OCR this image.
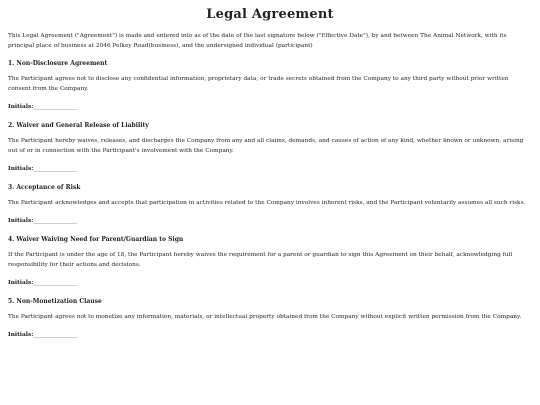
Legal Agreement

This Legal Agreement ("Agreement") is made and entered into as of the date of the last signature below ("Effective Date"), by and between The Animal Network, with its principal place of business at 2046 Pelkey Road(business), and the undersigned individual (participant)

1. Non-Disclosure Agreement

The Participant agrees not to disclose any confidential information, proprietary data, or trade secrets obtained from the Company to any third party without prior written consent from the Company.

Initials:_______________

2. Waiver and General Release of Liability

The Participant hereby waives, releases, and discharges the Company from any and all claims, demands, and causes of action of any kind, whether known or unknown, arising out of or in connection with the Participant's involvement with the Company.

Initials:_______________

3. Acceptance of Risk

The Participant acknowledges and accepts that participation in activities related to the Company involves inherent risks, and the Participant voluntarily assumes all such risks.

Initials:_______________

4. Waiver Waiving Need for Parent/Guardian to Sign

If the Participant is under the age of 18, the Participant hereby waives the requirement for a parent or guardian to sign this Agreement on their behalf, acknowledging full responsibility for their actions and decisions.

Initials:_______________

5. Non-Monetization Clause

The Participant agrees not to monetize any information, materials, or intellectual property obtained from the Company without explicit written permission from the Company.

Initials:_______________
